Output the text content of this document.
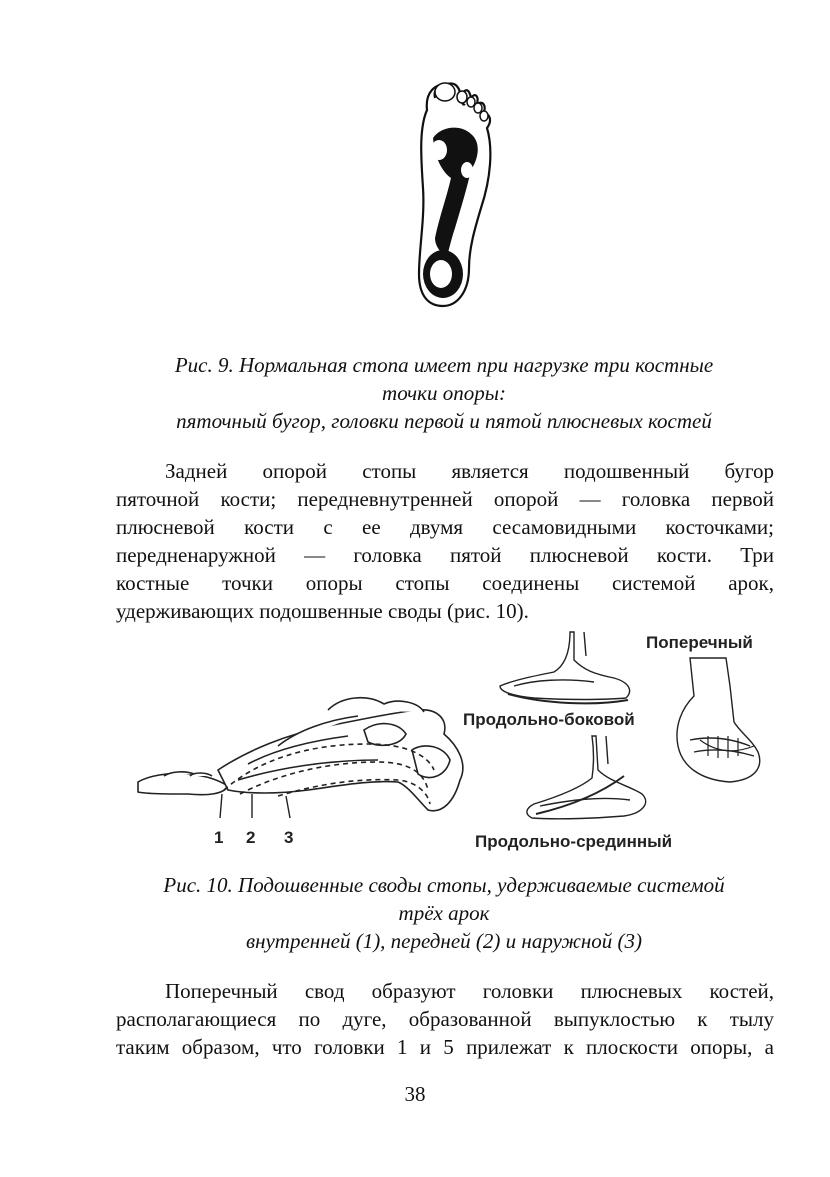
Рис. 9. Нормальная стопа имеет при нагрузке три костные
точки опоры:
пяточный бугор, головки первой и пятой плюсневых костей
Задней опорой стопы является подошвенный бугор
пяточной кости; передневнутренней опорой — головка первой
плюсневой кости с ее двумя сесамовидными косточками;
передненаружной — головка пятой плюсневой кости. Три
костные точки опоры стопы соединены системой арок,
удерживающих подошвенные своды (рис. 10).
1 2 3
Продольно-боковой
Поперечный
Продольно-срединный
Рис. 10. Подошвенные своды стопы, удерживаемые системой
трёх арок
внутренней (1), передней (2) и наружной (3)
Поперечный свод образуют головки плюсневых костей,
располагающиеся по дуге, образованной выпуклостью к тылу
таким образом, что головки 1 и 5 прилежат к плоскости опоры, а
38
